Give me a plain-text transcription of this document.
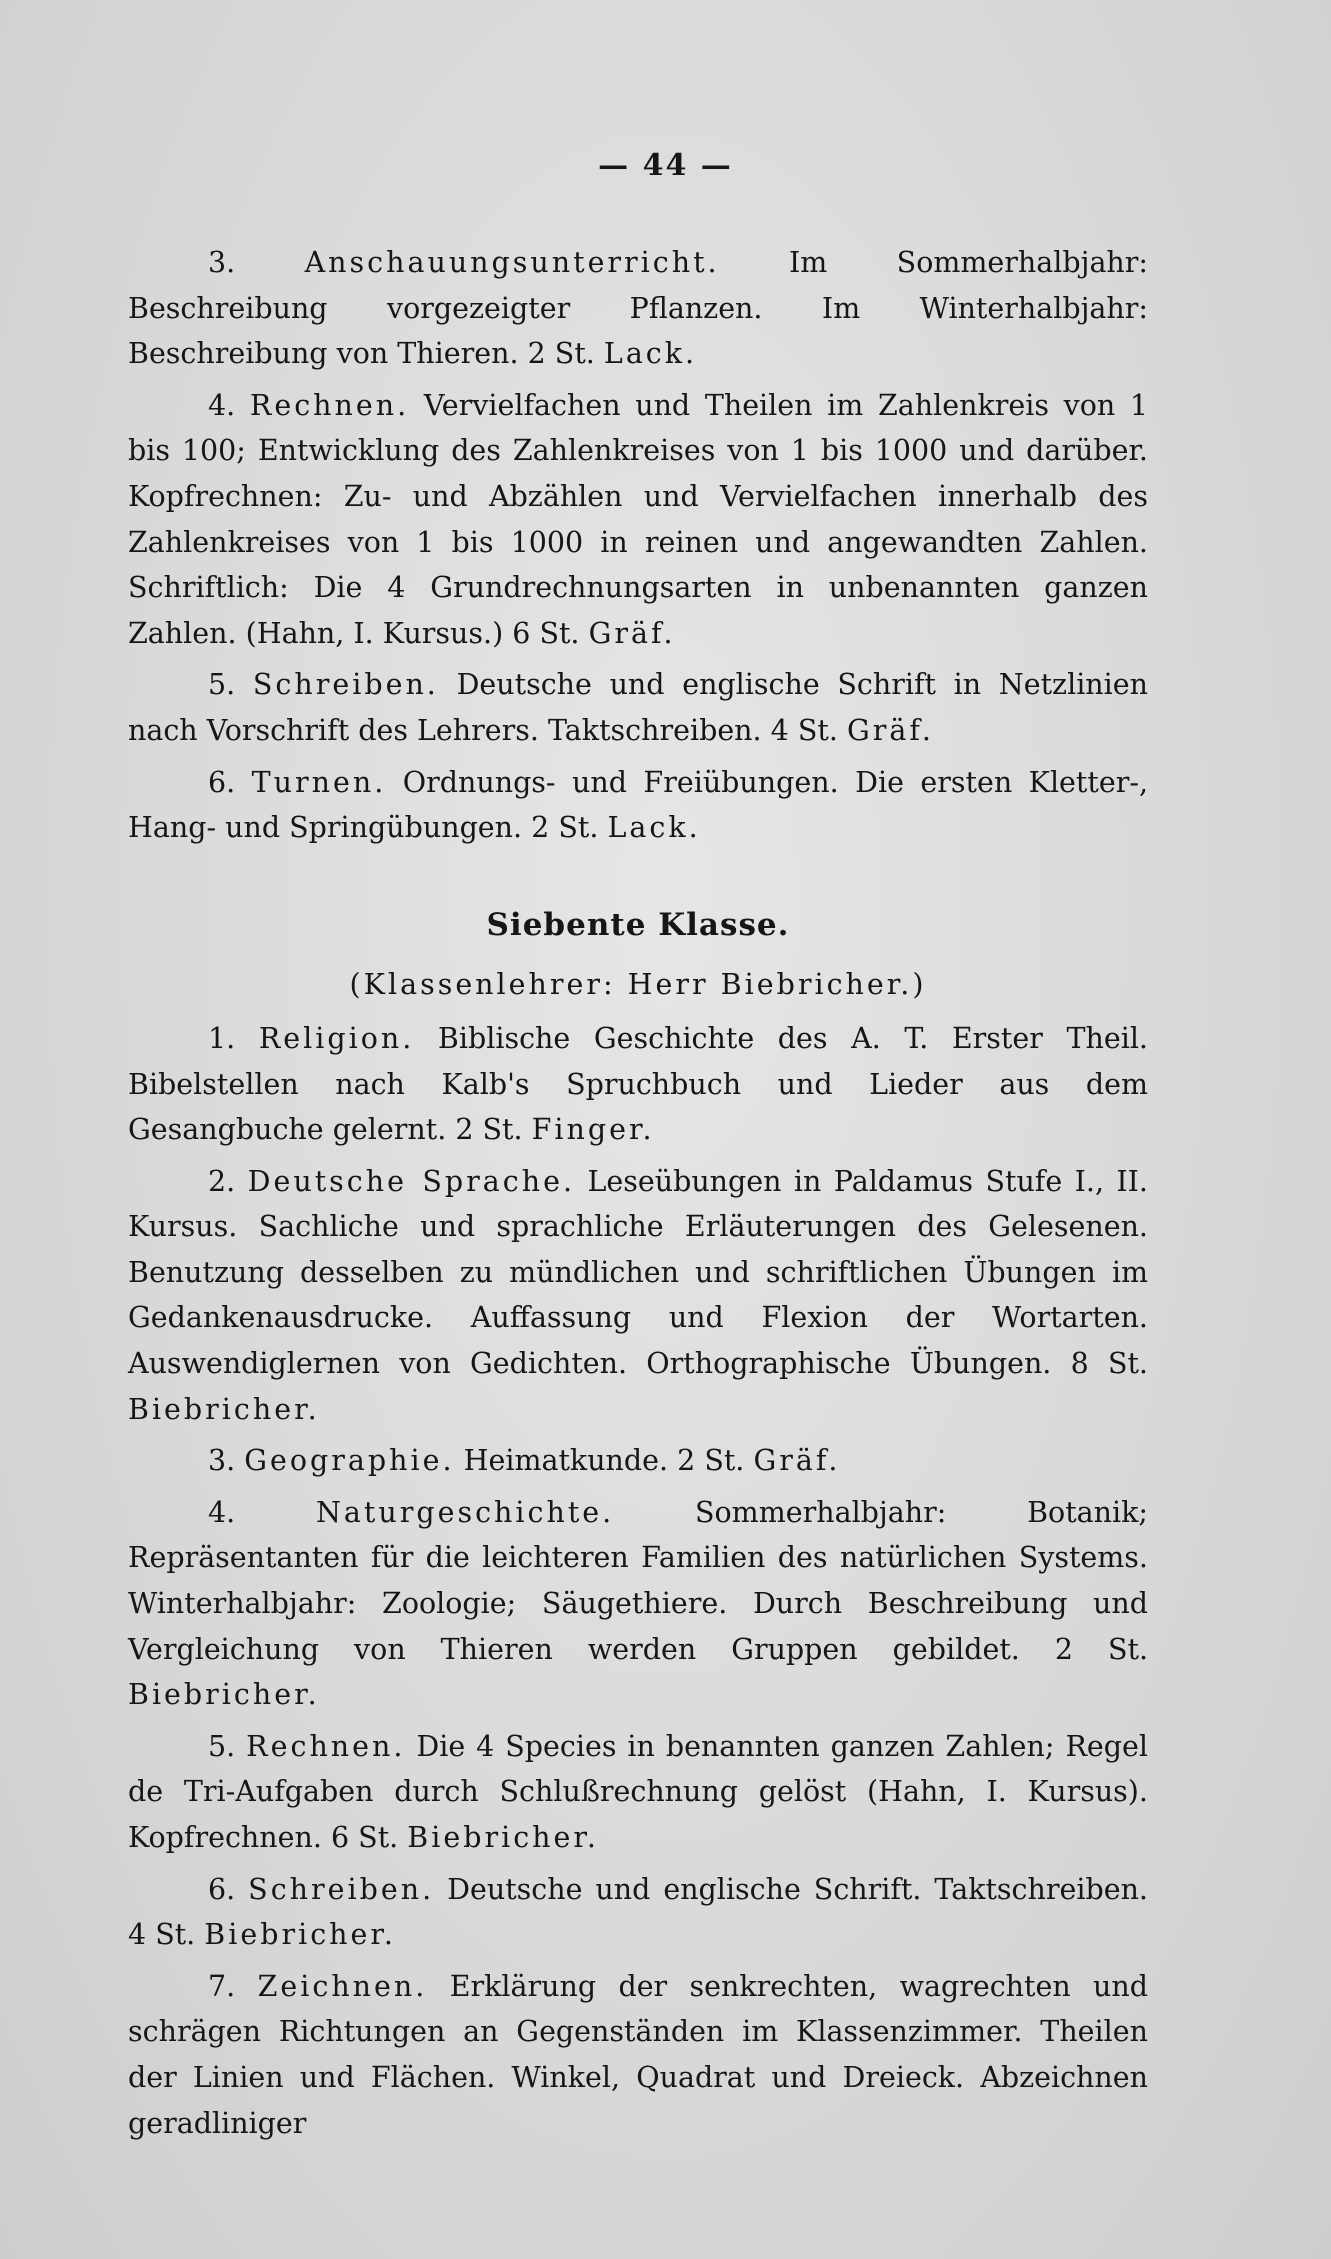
— 44 —

3. Anschauungsunterricht. Im Sommerhalbjahr: Beschreibung vorgezeigter Pflanzen. Im Winterhalbjahr: Beschreibung von Thieren. 2 St. Lack.

4. Rechnen. Vervielfachen und Theilen im Zahlenkreis von 1 bis 100; Entwicklung des Zahlenkreises von 1 bis 1000 und darüber. Kopfrechnen: Zu- und Abzählen und Vervielfachen innerhalb des Zahlenkreises von 1 bis 1000 in reinen und angewandten Zahlen. Schriftlich: Die 4 Grundrechnungsarten in unbenannten ganzen Zahlen. (Hahn, I. Kursus.) 6 St. Gräf.

5. Schreiben. Deutsche und englische Schrift in Netzlinien nach Vorschrift des Lehrers. Taktschreiben. 4 St. Gräf.

6. Turnen. Ordnungs- und Freiübungen. Die ersten Kletter-, Hang- und Springübungen. 2 St. Lack.

Siebente Klasse.
(Klassenlehrer: Herr Biebricher.)

1. Religion. Biblische Geschichte des A. T. Erster Theil. Bibelstellen nach Kalb's Spruchbuch und Lieder aus dem Gesangbuche gelernt. 2 St. Finger.

2. Deutsche Sprache. Leseübungen in Paldamus Stufe I., II. Kursus. Sachliche und sprachliche Erläuterungen des Gelesenen. Benutzung desselben zu mündlichen und schriftlichen Übungen im Gedankenausdrucke. Auffassung und Flexion der Wortarten. Auswendiglernen von Gedichten. Orthographische Übungen. 8 St. Biebricher.

3. Geographie. Heimatkunde. 2 St. Gräf.

4.	Naturgeschichte.	Sommerhalbjahr: Botanik; Repräsentanten für die leichteren Familien des natürlichen Systems. Winterhalbjahr: Zoologie; Säugethiere. Durch Beschreibung und Vergleichung von Thieren werden Gruppen gebildet. 2 St. Biebricher.

5. Rechnen. Die 4 Species in benannten ganzen Zahlen; Regel de Tri-Aufgaben durch Schlußrechnung gelöst (Hahn, I. Kursus). Kopfrechnen. 6 St. Biebricher.

6. Schreiben. Deutsche und englische Schrift. Taktschreiben. 4 St. Biebricher.

7. Zeichnen. Erklärung der senkrechten, wagrechten und schrägen Richtungen an Gegenständen im Klassenzimmer. Theilen der Linien und Flächen. Winkel, Quadrat und Dreieck. Abzeichnen geradliniger
